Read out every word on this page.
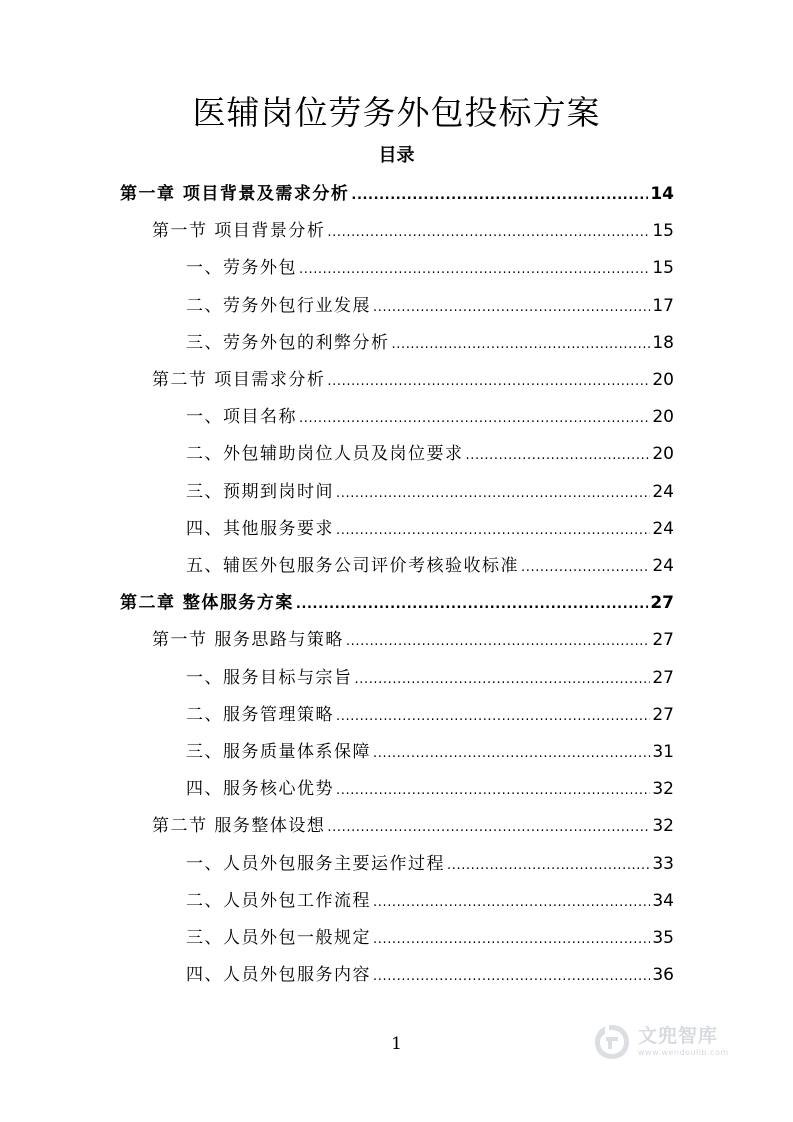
医辅岗位劳务外包投标方案
目录
第一章 项目背景及需求分析 .....	14
第一节 项目背景分析 .....	15
一、劳务外包 .....	15
二、劳务外包行业发展 .....	17
三、劳务外包的利弊分析 .....	18
第二节 项目需求分析 .....	20
一、项目名称 .....	20
二、外包辅助岗位人员及岗位要求 .....	20
三、预期到岗时间 .....	24
四、其他服务要求 .....	24
五、辅医外包服务公司评价考核验收标准 .....	24
第二章 整体服务方案 .....	27
第一节 服务思路与策略 .....	27
一、服务目标与宗旨 .....	27
二、服务管理策略 .....	27
三、服务质量体系保障 .....	31
四、服务核心优势 .....	32
第二节 服务整体设想 .....	32
一、人员外包服务主要运作过程 .....	33
二、人员外包工作流程 .....	34
三、人员外包一般规定 .....	35
四、人员外包服务内容 .....	36
1	文兜智库
www.wendoulib.com
